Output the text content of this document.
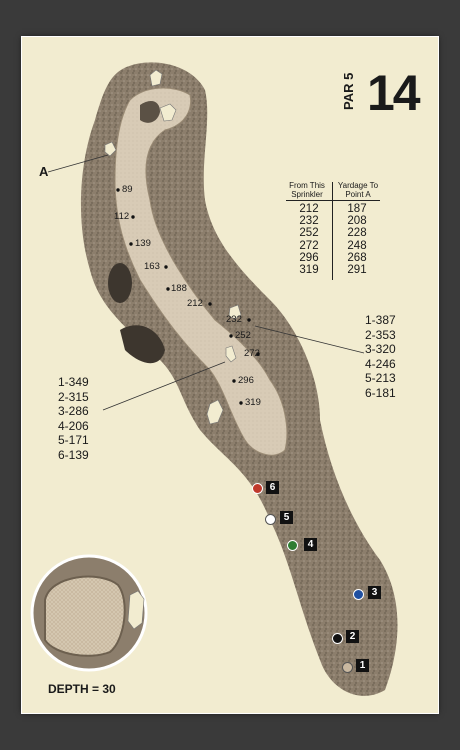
PAR 5 14
From This
Sprinkler
Yardage To
Point A
212
232
252
272
296
319
187
208
228
248
268
291
A
89
112
139
163
188
212
232
252
272
296
319
1-387
2-353
3-320
4-246
5-213
6-181
1-349
2-315
3-286
4-206
5-171
6-139
6
5
4
3
2
1
DEPTH = 30
